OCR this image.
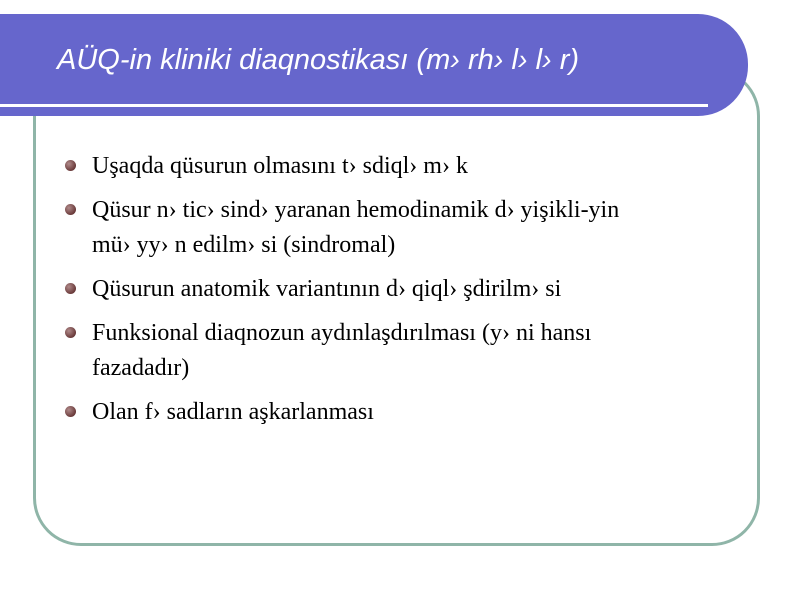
AÜQ-in kliniki diaqnostikası (m› rh› l› l› r)
Uşaqda qüsurun olmasını t› sdiql› m› k
Qüsur n› tic› sind› yaranan hemodinamik d› yişikli-yin mü› yy› n edilm› si (sindromal)
Qüsurun anatomik variantının d› qiql› şdirilm› si
Funksional diaqnozun aydınlaşdırılması (y› ni hansı fazadadır)
Olan f› sadların aşkarlanması
